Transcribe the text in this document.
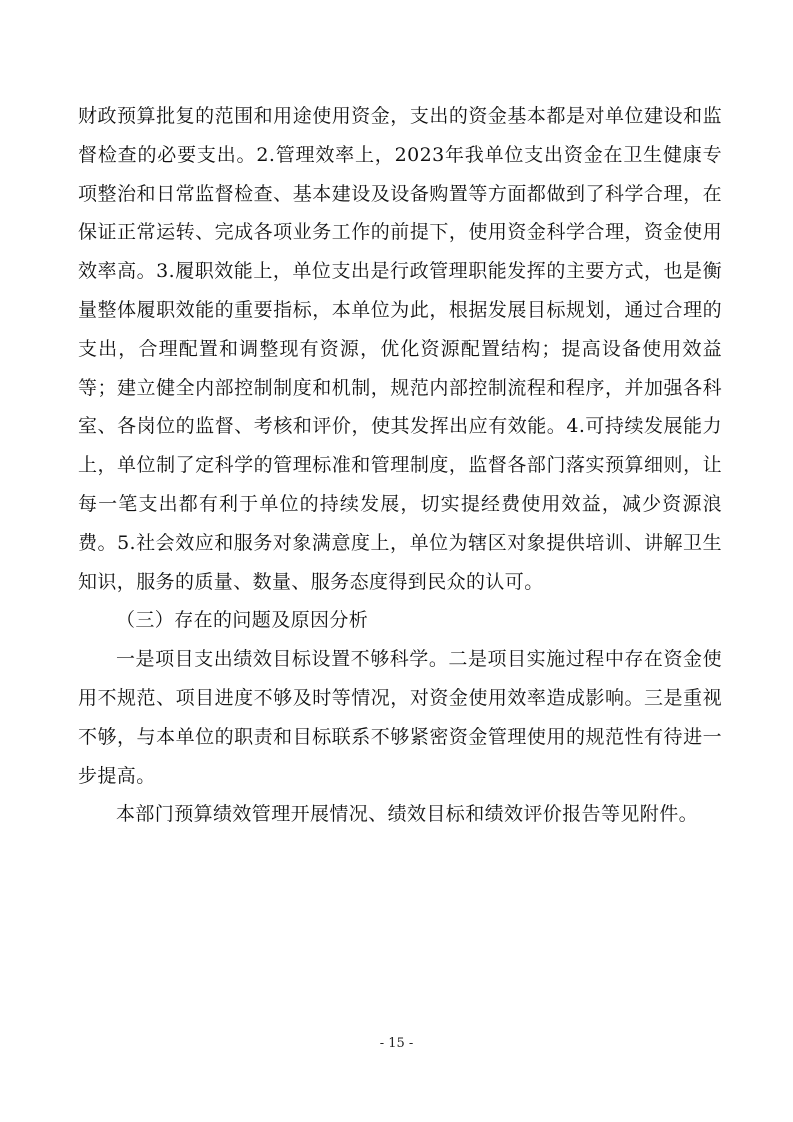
财政预算批复的范围和用途使用资金，支出的资金基本都是对单位建设和监督检查的必要支出。2.管理效率上，2023年我单位支出资金在卫生健康专项整治和日常监督检查、基本建设及设备购置等方面都做到了科学合理，在保证正常运转、完成各项业务工作的前提下，使用资金科学合理，资金使用效率高。3.履职效能上，单位支出是行政管理职能发挥的主要方式，也是衡量整体履职效能的重要指标，本单位为此，根据发展目标规划，通过合理的支出，合理配置和调整现有资源，优化资源配置结构；提高设备使用效益等；建立健全内部控制制度和机制，规范内部控制流程和程序，并加强各科室、各岗位的监督、考核和评价，使其发挥出应有效能。4.可持续发展能力上，单位制了定科学的管理标准和管理制度，监督各部门落实预算细则，让每一笔支出都有利于单位的持续发展，切实提经费使用效益，减少资源浪费。5.社会效应和服务对象满意度上，单位为辖区对象提供培训、讲解卫生知识，服务的质量、数量、服务态度得到民众的认可。

（三）存在的问题及原因分析

一是项目支出绩效目标设置不够科学。二是项目实施过程中存在资金使用不规范、项目进度不够及时等情况，对资金使用效率造成影响。三是重视不够，与本单位的职责和目标联系不够紧密资金管理使用的规范性有待进一步提高。

本部门预算绩效管理开展情况、绩效目标和绩效评价报告等见附件。

- 15 -
